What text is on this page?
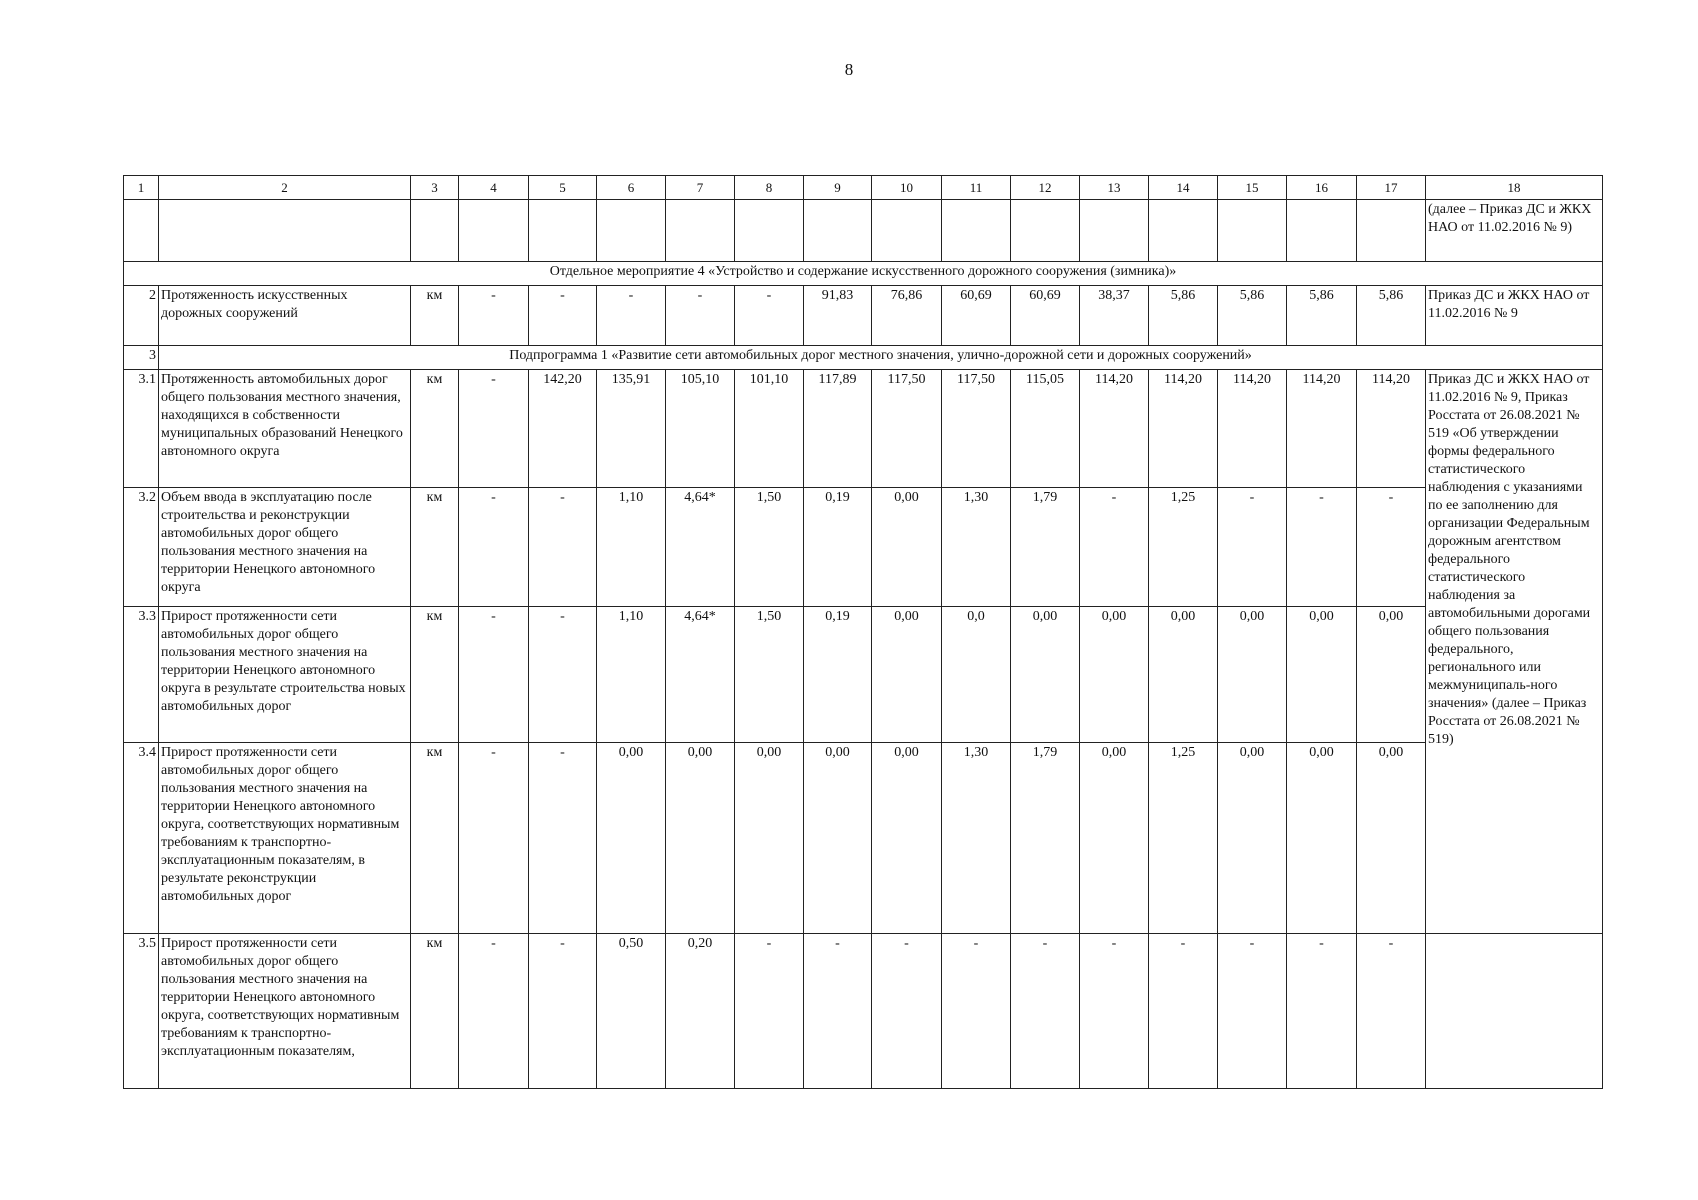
8
1	2	3	4	5	6	7	8	9	10	11	12	13	14	15	16	17	18
																	(далее – Приказ ДС и ЖКХ НАО от 11.02.2016 № 9)
Отдельное мероприятие 4 «Устройство и содержание искусственного дорожного сооружения (зимника)»																	
2	Протяженность искусственных дорожных сооружений	км	-	-	-	-	-	91,83	76,86	60,69	60,69	38,37	5,86	5,86	5,86	5,86	Приказ ДС и ЖКХ НАО от 11.02.2016 № 9
3	Подпрограмма 1 «Развитие сети автомобильных дорог местного значения, улично-дорожной сети и дорожных сооружений»																
3.1	Протяженность автомобильных дорог общего пользования местного значения, находящихся в собственности муниципальных образований Ненецкого автономного округа	км	-	142,20	135,91	105,10	101,10	117,89	117,50	117,50	115,05	114,20	114,20	114,20	114,20	114,20	Приказ ДС и ЖКХ НАО от 11.02.2016 № 9, Приказ Росстата от 26.08.2021 № 519 «Об утверждении формы федерального статистического наблюдения с указаниями по ее заполнению для организации Федеральным дорожным агентством федерального статистического наблюдения за автомобильными дорогами общего пользования федерального, регионального или межмуниципаль-ного значения» (далее – Приказ Росстата от 26.08.2021 № 519)
3.2	Объем ввода в эксплуатацию после строительства и реконструкции автомобильных дорог общего пользования местного значения на территории Ненецкого автономного округа	км	-	-	1,10	4,64*	1,50	0,19	0,00	1,30	1,79	-	1,25	-	-	-	
3.3	Прирост протяженности сети автомобильных дорог общего пользования местного значения на территории Ненецкого автономного округа в результате строительства новых автомобильных дорог	км	-	-	1,10	4,64*	1,50	0,19	0,00	0,0	0,00	0,00	0,00	0,00	0,00	0,00	
3.4	Прирост протяженности сети автомобильных дорог общего пользования местного значения на территории Ненецкого автономного округа, соответствующих нормативным требованиям к транспортно-эксплуатационным показателям, в результате реконструкции автомобильных дорог	км	-	-	0,00	0,00	0,00	0,00	0,00	1,30	1,79	0,00	1,25	0,00	0,00	0,00	
3.5	Прирост протяженности сети автомобильных дорог общего пользования местного значения на территории Ненецкого автономного округа, соответствующих нормативным требованиям к транспортно-эксплуатационным показателям,	км	-	-	0,50	0,20	-	-	-	-	-	-	-	-	-	-	
